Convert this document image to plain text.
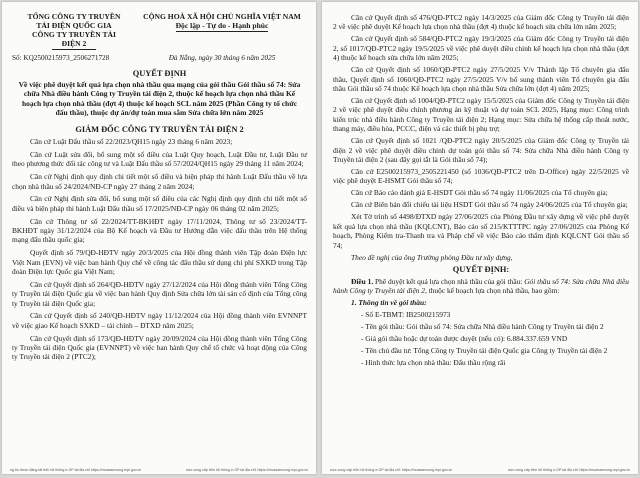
TỔNG CÔNG TY TRUYỀN
TẢI ĐIỆN QUỐC GIA
CÔNG TY TRUYỀN TẢI
ĐIỆN 2
CỘNG HOÀ XÃ HỘI CHỦ NGHĨA VIỆT NAM
Độc lập - Tự do - Hạnh phúc
Số: KQ2500215973_2506271728	Đà Nẵng, ngày 30 tháng 6 năm 2025
QUYẾT ĐỊNH
Về việc phê duyệt kết quả lựa chọn nhà thầu qua mạng của gói thầu Gói thầu số 74: Sửa chữa Nhà điều hành Công ty Truyền tải điện 2, thuộc kế hoạch lựa chọn nhà thầu Kế hoạch lựa chọn nhà thầu (đợt 4) thuộc kế hoạch SCL năm 2025 (Phần Công ty tổ chức đấu thầu), thuộc dự án/dự toán mua sắm Sửa chữa lớn năm 2025
GIÁM ĐỐC CÔNG TY TRUYỀN TẢI ĐIỆN 2

Căn cứ Luật Đấu thầu số 22/2023/QH15 ngày 23 tháng 6 năm 2023;

Căn cứ Luật sửa đổi, bổ sung một số điều của Luật Quy hoạch, Luật Đầu tư, Luật Đầu tư theo phương thức đối tác công tư và Luật Đấu thầu số 57/2024/QH15 ngày 29 tháng 11 năm 2024;

Căn cứ Nghị định quy định chi tiết một số điều và biện pháp thi hành Luật Đấu thầu về lựa chọn nhà thầu số 24/2024/NĐ-CP ngày 27 tháng 2 năm 2024;

Căn cứ Nghị định sửa đổi, bổ sung một số điều của các Nghị định quy định chi tiết một số điều và biện pháp thi hành Luật Đấu thầu số 17/2025/NĐ-CP ngày 06 tháng 02 năm 2025;

Căn cứ Thông tư số 22/2024/TT-BKHĐT ngày 17/11/2024, Thông tư số 23/2024/TT-BKHĐT ngày 31/12/2024 của Bộ Kế hoạch và Đầu tư Hướng dẫn việc đấu thầu trên Hệ thống mạng đấu thầu quốc gia;

Quyết định số 79/QĐ-HĐTV ngày 20/3/2025 của Hội đồng thành viên Tập đoàn Điện lực Việt Nam (EVN) về việc ban hành Quy chế về công tác đấu thầu sử dụng chi phí SXKD trong Tập đoàn Điện lực Quốc gia Việt Nam;

Căn cứ Quyết định số 264/QĐ-HĐTV ngày 27/12/2024 của Hội đồng thành viên Tổng Công ty Truyền tải điện Quốc gia về việc ban hành Quy định Sửa chữa lớn tài sản cố định của Tổng công ty Truyền tải điện Quốc gia;

Căn cứ Quyết định số 240/QĐ-HĐTV ngày 11/12/2024 của Hội đồng thành viên EVNNPT về việc giao Kế hoạch SXKD – tài chính – ĐTXD năm 2025;

Căn cứ Quyết định số 173/QĐ-HĐTV ngày 20/09/2024 của Hội đồng thành viên Tổng Công ty Truyền tải điện Quốc gia (EVNNPT) về việc ban hành Quy chế tổ chức và hoạt động của Công ty Truyền tải điện 2 (PTC2);

ng tin được đăng tải trên hệ thống e-GP tại địa chỉ https://muasamcong.mpi.gov.vn	ược cung cấp trên hệ thống e-GP tại địa chỉ: https://muasamcong.mpi.gov.vn

Căn cứ Quyết định số 476/QĐ-PTC2 ngày 14/3/2025 của Giám đốc Công ty Truyền tải điện 2 về việc phê duyệt Kế hoạch lựa chọn nhà thầu (đợt 4) thuộc kế hoạch sửa chữa lớn năm 2025;

Căn cứ Quyết định số 584/QĐ-PTC2 ngày 19/3/2025 của Giám đốc Công ty Truyền tải điện 2, số 1017/QĐ-PTC2 ngày 19/5/2025 về việc phê duyệt điều chỉnh kế hoạch lựa chọn nhà thầu (đợt 4) thuộc kế hoạch sửa chữa lớn năm 2025;

Căn cứ Quyết định số 1060/QĐ-PTC2 ngày 27/5/2025 V/v Thành lập Tổ chuyên gia đấu thầu, Quyết định số 1060/QĐ-PTC2 ngày 27/5/2025 V/v bổ sung thành viên Tổ chuyên gia đấu thầu Gói thầu số 74 thuộc Kế hoạch lựa chọn nhà thầu Sửa chữa lớn (đợt 4) năm 2025;

Căn cứ Quyết định số 1004/QĐ-PTC2 ngày 15/5/2025 của Giám đốc Công ty Truyền tải điện 2 về việc phê duyệt điều chỉnh phương án kỹ thuật và dự toán SCL 2025, Hạng mục: Công trình kiến trúc nhà điều hành Công ty Truyền tải điện 2; Hạng mục: Sửa chữa hệ thống cấp thoát nước, thang máy, điều hòa, PCCC, điện và các thiết bị phụ trợ;

Căn cứ Quyết định số 1021 /QĐ-PTC2 ngày 20/5/2025 của Giám đốc Công ty Truyền tải điện 2 về việc phê duyệt điều chỉnh dự toán gói thầu số 74: Sửa chữa Nhà điều hành Công ty Truyền tải điện 2 (sau đây gọi tắt là Gói thầu số 74);

Căn cứ E2500215973_2505221450 (số 1036/QĐ-PTC2 trên D-Office) ngày 22/5/2025 về việc phê duyệt E-HSMT Gói thầu số 74;

Căn cứ Báo cáo đánh giá E-HSDT Gói thầu số 74 ngày 11/06/2025 của Tổ chuyên gia;

Căn cứ Biên bản đối chiếu tài liệu HSDT Gói thầu số 74 ngày 24/06/2025 của Tổ chuyên gia;

Xét Tờ trình số 4498/ĐTXD ngày 27/06/2025 của Phòng Đầu tư xây dựng về việc phê duyệt kết quả lựa chọn nhà thầu (KQLCNT), Báo cáo số 215/KTTTPC ngày 27/06/2025 của Phòng Kế hoạch, Phòng Kiểm tra-Thanh tra và Pháp chế về việc Báo cáo thẩm định KQLCNT Gói thầu số 74;

Theo đề nghị của ông Trưởng phòng Đầu tư xây dựng,

QUYẾT ĐỊNH:

Điều 1. Phê duyệt kết quả lựa chọn nhà thầu của gói thầu: Gói thầu số 74: Sửa chữa Nhà điều hành Công ty Truyền tải điện 2, thuộc kế hoạch lựa chọn nhà thầu, bao gồm:

1. Thông tin về gói thầu:

- Số E-TBMT: IB2500215973

- Tên gói thầu: Gói thầu số 74: Sửa chữa Nhà điều hành Công ty Truyền tải điện 2

- Giá gói thầu hoặc dự toán được duyệt (nếu có): 6.884.337.659 VND

- Tên chủ đầu tư: Tổng Công ty Truyền tải điện Quốc gia Công ty Truyền tải điện 2

- Hình thức lựa chọn nhà thầu: Đấu thầu rộng rãi

ược cung cấp trên hệ thống e-GP tại địa chỉ: https://muasamcong.mpi.gov.vn	ược cung cấp trên hệ thống e-GP tại địa chỉ: https://muasamcong.mpi.gov.vn
